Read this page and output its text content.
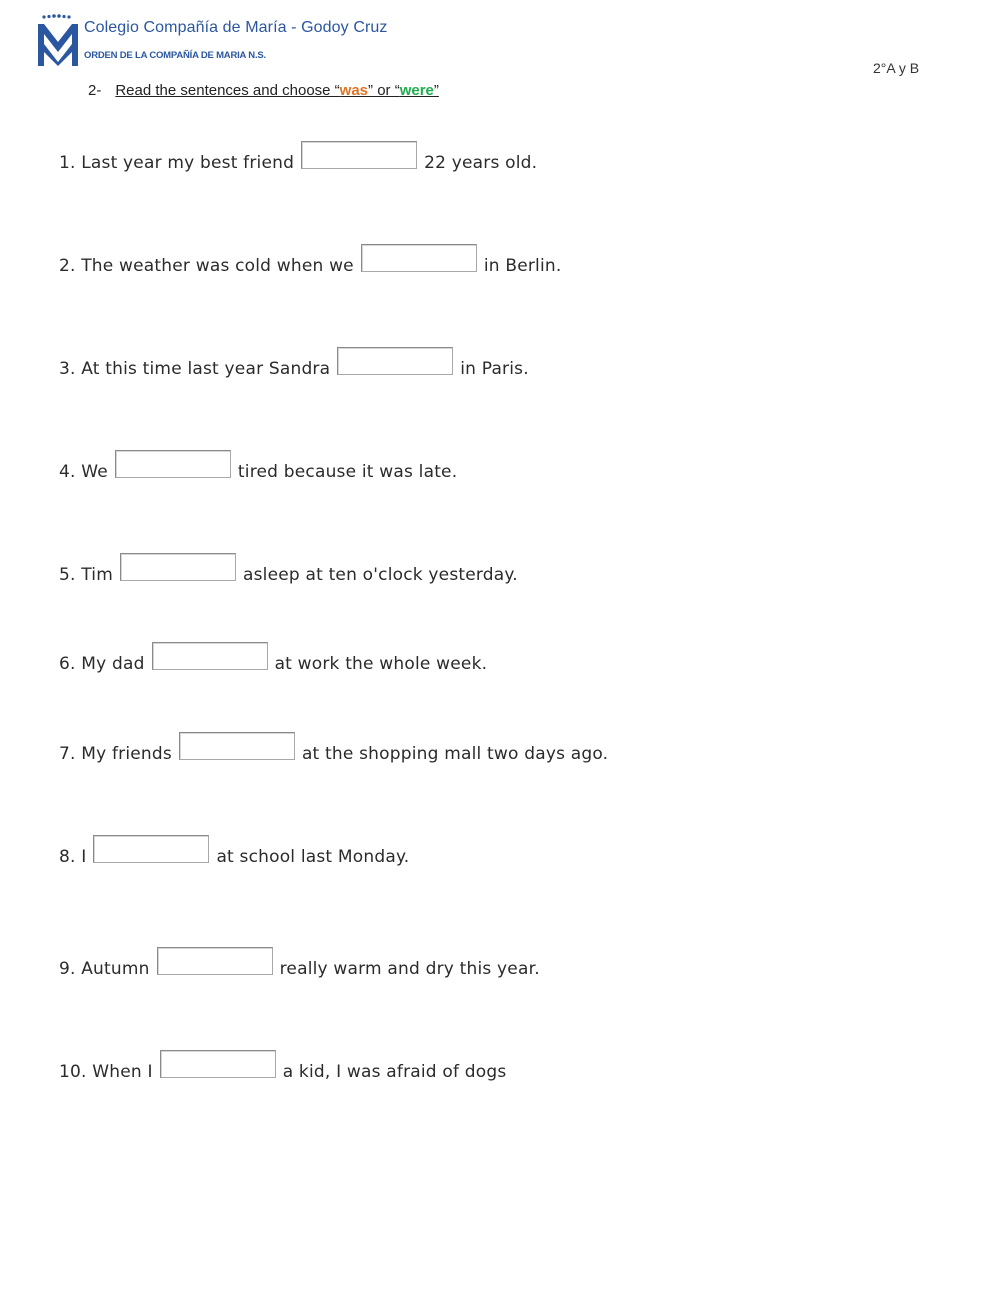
Colegio Compañía de María - Godoy Cruz
ORDEN DE LA COMPAÑÍA DE MARIA N.S.
2°A y B
2- Read the sentences and choose “was” or “were”
1. Last year my best friend	22 years old.
2. The weather was cold when we	in Berlin.
3. At this time last year Sandra	in Paris.
4. We	tired because it was late.
5. Tim	asleep at ten o'clock yesterday.
6. My dad	at work the whole week.
7. My friends	at the shopping mall two days ago.
8. I	at school last Monday.
9. Autumn	really warm and dry this year.
10. When I	a kid, I was afraid of dogs
